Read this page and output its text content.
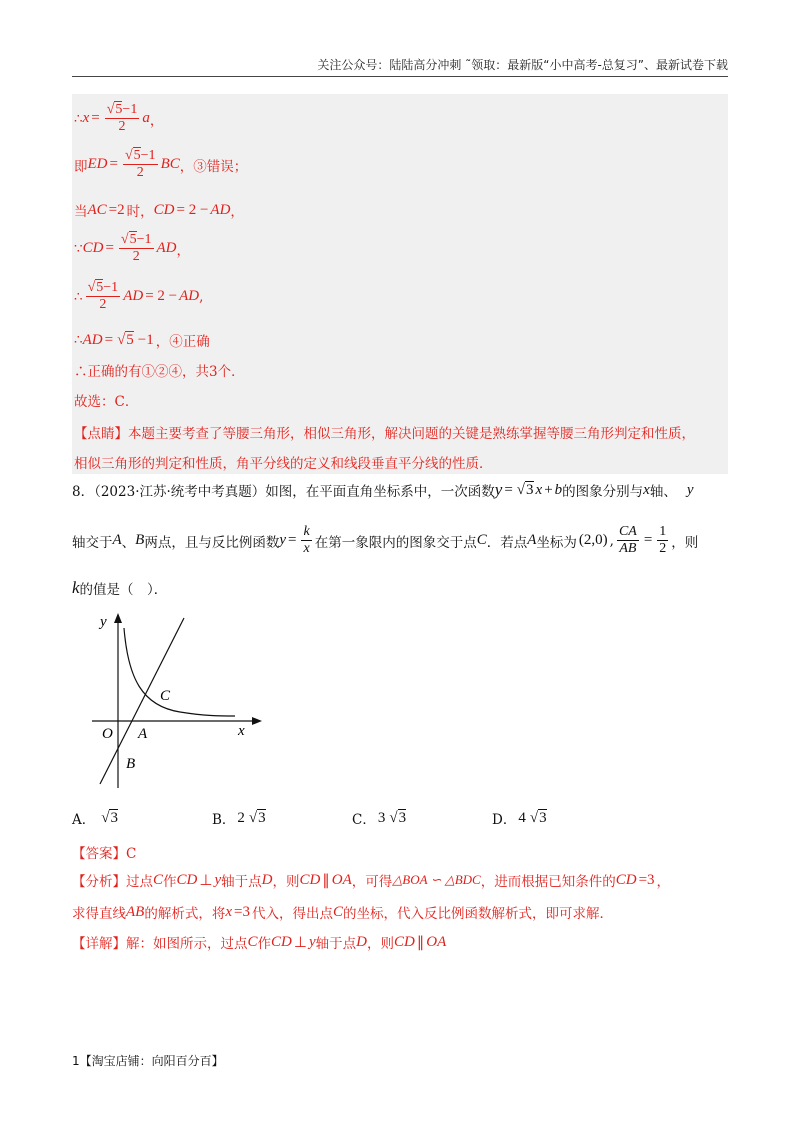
关注公众号：陆陆高分冲刺 ˜领取：最新版“小中高考-总复习”、最新试卷下载
∴ $x = \frac{√5-1}{2}$ a ，
即 ED = $\frac{√5-1}{2}$ BC ，③错误；
当 AC =2 时， CD = 2 − AD ，
∵ CD = $\frac{√5-1}{2}$ AD ，
∴ $\frac{√5-1}{2}$ AD = 2 − AD ,
∴ AD = √5 −1 ，④正确
∴正确的有①②④，共3个．
故选：C．
【点睛】本题主要考查了等腰三角形，相似三角形，解决问题的关键是熟练掌握等腰三角形判定和性质，
相似三角形的判定和性质，角平分线的定义和线段垂直平分线的性质．
8．（2023·江苏·统考中考真题）如图，在平面直角坐标系中，一次函数 y = √3 x + b 的图象分别与 x 轴、 y
轴交于 A 、 B 两点，且与反比例函数 $y = \frac{k}{x}$ 在第一象限内的图象交于点 C ．若点 A 坐标为 (2,0) , $\frac{CA}{AB} = \frac{1}{2}$ ，则
k 的值是（　）．
y
x
O A
B
C
A． √3	B． 2 √3	C． 3 √3	D． 4 √3
【答案】C
【分析】过点 C 作 CD ⊥ y 轴于点 D ，则 CD ∥ OA ，可得 △BOA ∽ △BDC ，进而根据已知条件的 CD =3 ，
求得直线 AB 的解析式，将 x =3 代入，得出点 C 的坐标，代入反比例函数解析式，即可求解．
【详解】 解：如图所示，过点 C 作 CD ⊥ y 轴于点 D ，则 CD ∥ OA
1【淘宝店铺：向阳百分百】
